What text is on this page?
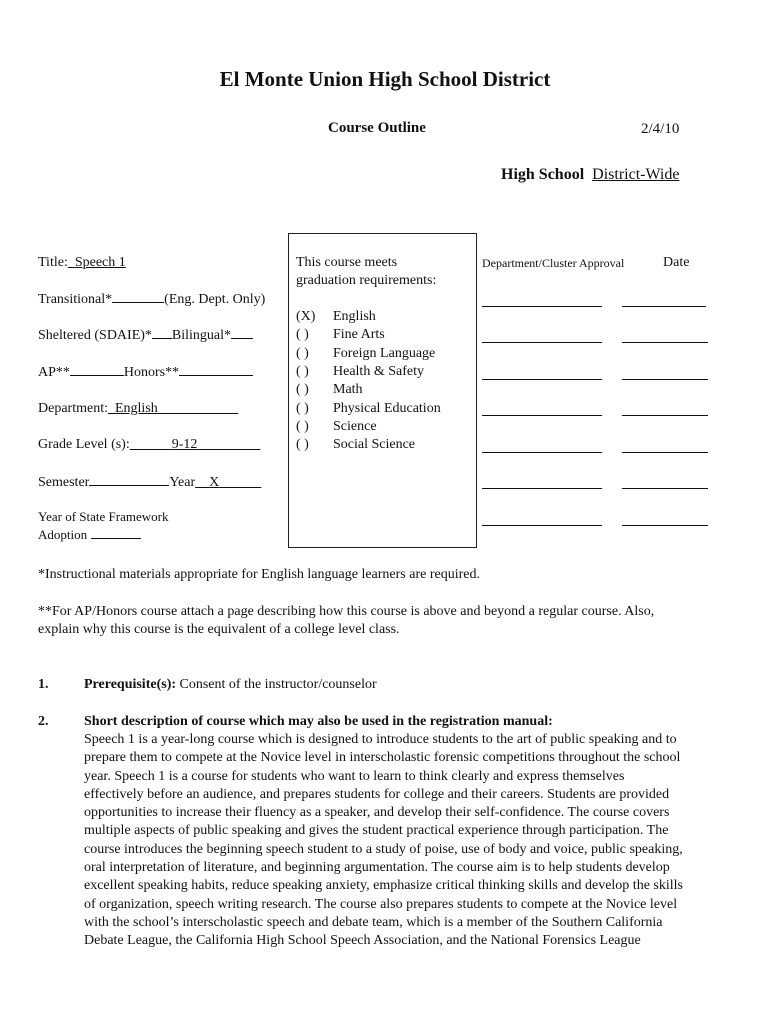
El Monte Union High School District
Course Outline	2/4/10
High School District-Wide
Title: Speech 1
Transitional*	(Eng. Dept. Only)
Sheltered (SDAIE)* Bilingual*
AP**	Honors**
Department: English
Grade Level (s):	9-12
Semester	Year X
Year of State Framework
Adoption
This course meets
graduation requirements:
(X) English
( ) Fine Arts
( ) Foreign Language
( ) Health & Safety
( ) Math
( ) Physical Education
( ) Science
( ) Social Science
Department/Cluster Approval	Date
*Instructional materials appropriate for English language learners are required.
**For AP/Honors course attach a page describing how this course is above and beyond a regular course. Also,
explain why this course is the equivalent of a college level class.
1.	Prerequisite(s): Consent of the instructor/counselor
2.	Short description of course which may also be used in the registration manual:
Speech 1 is a year-long course which is designed to introduce students to the art of public speaking and to
prepare them to compete at the Novice level in interscholastic forensic competitions throughout the school
year. Speech 1 is a course for students who want to learn to think clearly and express themselves
effectively before an audience, and prepares students for college and their careers. Students are provided
opportunities to increase their fluency as a speaker, and develop their self-confidence. The course covers
multiple aspects of public speaking and gives the student practical experience through participation. The
course introduces the beginning speech student to a study of poise, use of body and voice, public speaking,
oral interpretation of literature, and beginning argumentation. The course aim is to help students develop
excellent speaking habits, reduce speaking anxiety, emphasize critical thinking skills and develop the skills
of organization, speech writing research. The course also prepares students to compete at the Novice level
with the school’s interscholastic speech and debate team, which is a member of the Southern California
Debate League, the California High School Speech Association, and the National Forensics League
